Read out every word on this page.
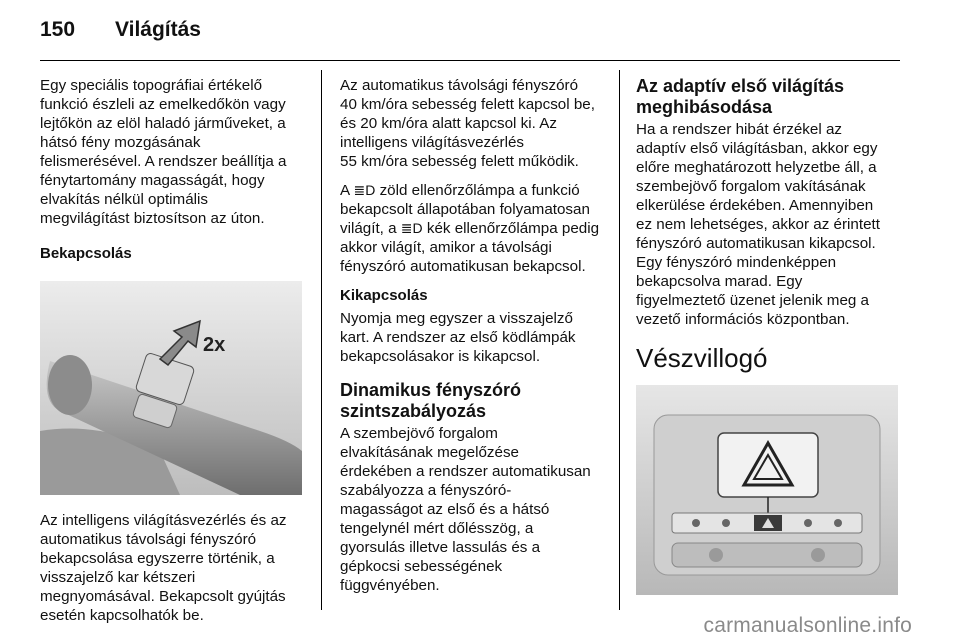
150 Világítás

Egy speciális topográfiai értékelő
funkció észleli az emelkedőkön vagy
lejtőkön az elöl haladó járműveket, a
hátsó fény mozgásának
felismerésével. A rendszer beállítja a
fénytartomány magasságát, hogy
elvakítás nélkül optimális
megvilágítást biztosítson az úton.

Bekapcsolás
2x

Az intelligens világításvezérlés és az
automatikus távolsági fényszóró
bekapcsolása egyszerre történik, a
visszajelző kar kétszeri
megnyomásával. Bekapcsolt gyújtás
esetén kapcsolhatók be.

Az automatikus távolsági fényszóró
40 km/óra sebesség felett kapcsol be,
és 20 km/óra alatt kapcsol ki. Az
intelligens világításvezérlés
55 km/óra sebesség felett működik.

A ≣D zöld ellenőrzőlámpa a funkció
bekapcsolt állapotában folyamatosan
világít, a ≣D kék ellenőrzőlámpa pedig
akkor világít, amikor a távolsági
fényszóró automatikusan bekapcsol.

Kikapcsolás

Nyomja meg egyszer a visszajelző
kart. A rendszer az első ködlámpák
bekapcsolásakor is kikapcsol.

Dinamikus fényszóró
szintszabályozás

A szembejövő forgalom
elvakításának megelőzése
érdekében a rendszer automatikusan
szabályozza a fényszóró-
magasságot az első és a hátsó
tengelynél mért dőlésszög, a
gyorsulás illetve lassulás és a
gépkocsi sebességének
függvényében.

Az adaptív első világítás
meghibásodása

Ha a rendszer hibát érzékel az
adaptív első világításban, akkor egy
előre meghatározott helyzetbe áll, a
szembejövő forgalom vakításának
elkerülése érdekében. Amennyiben
ez nem lehetséges, akkor az érintett
fényszóró automatikusan kikapcsol.
Egy fényszóró mindenképpen
bekapcsolva marad. Egy
figyelmeztető üzenet jelenik meg a
vezető információs központban.

Vészvillogó
carmanualsonline.info
